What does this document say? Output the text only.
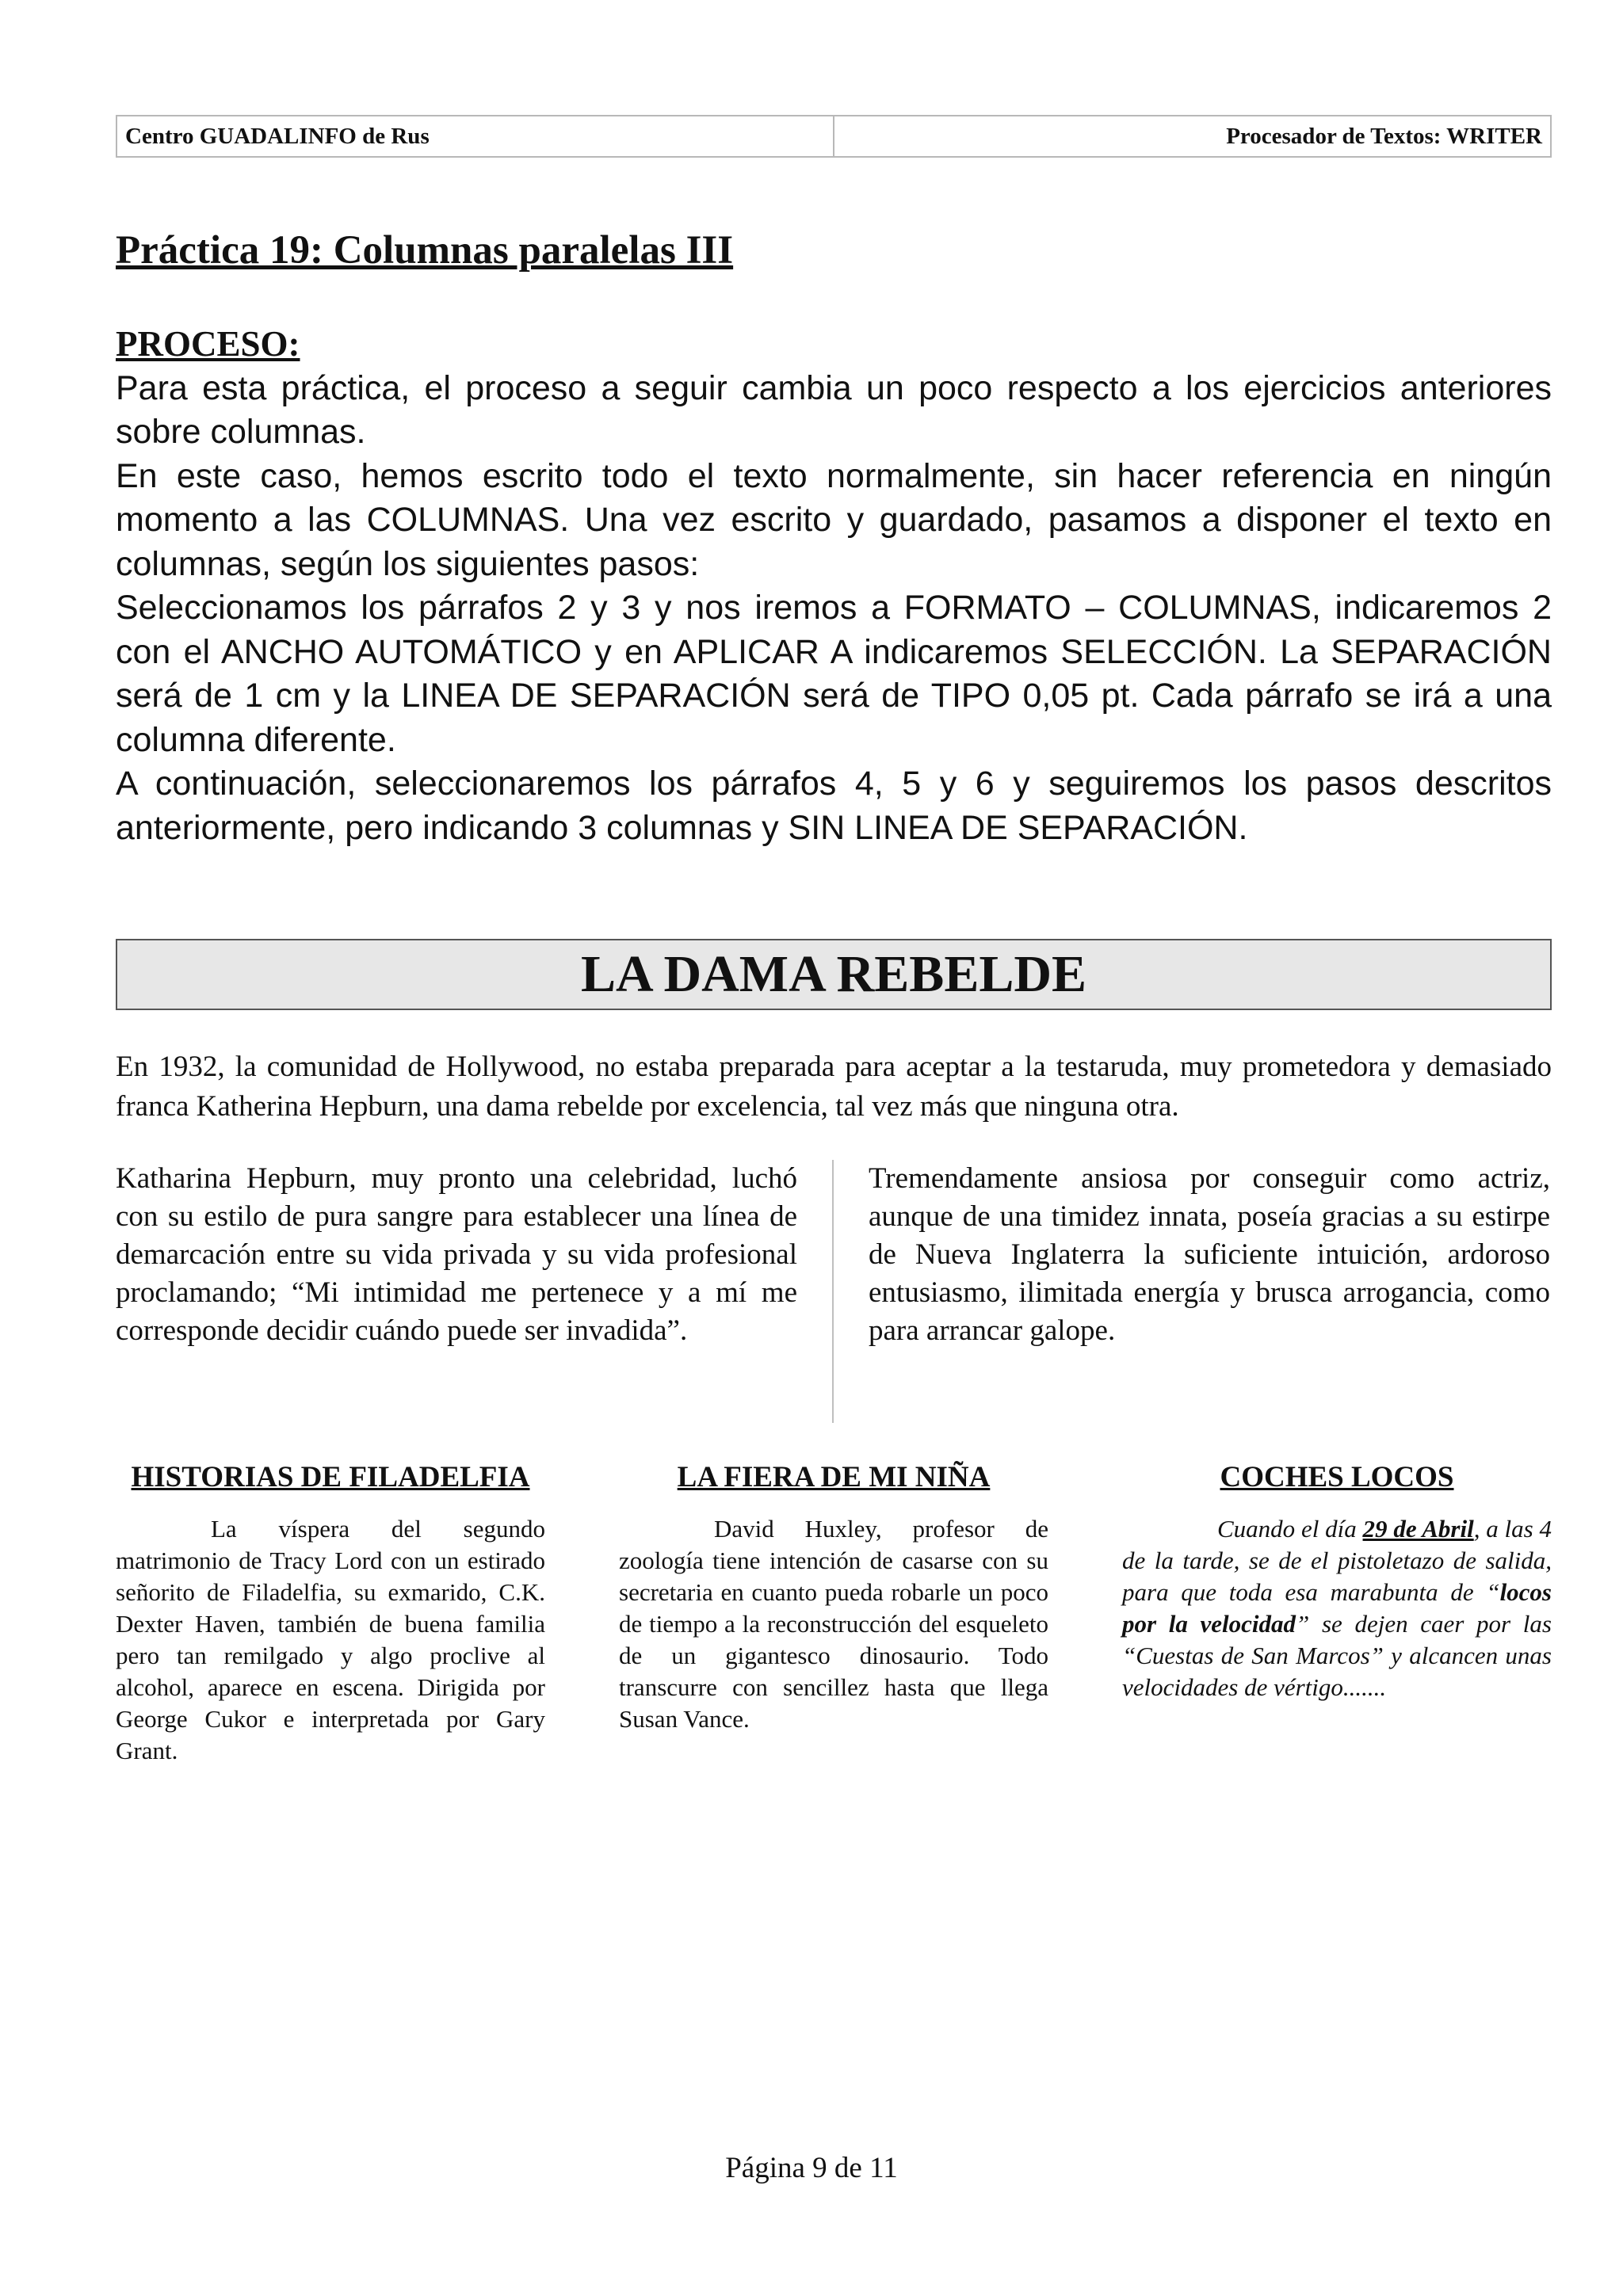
Centro GUADALINFO de Rus	Procesador de Textos: WRITER
Práctica 19: Columnas paralelas III
PROCESO:

Para esta práctica, el proceso a seguir cambia un poco respecto a los ejercicios anteriores sobre columnas.

En este caso, hemos escrito todo el texto normalmente, sin hacer referencia en ningún momento a las COLUMNAS. Una vez escrito y guardado, pasamos a disponer el texto en columnas, según los siguientes pasos:

Seleccionamos los párrafos 2 y 3 y nos iremos a FORMATO – COLUMNAS, indicaremos 2 con el ANCHO AUTOMÁTICO y en APLICAR A indicaremos SELECCIÓN. La SEPARACIÓN será de 1 cm y la LINEA DE SEPARACIÓN será de TIPO 0,05 pt. Cada párrafo se irá a una columna diferente.

A continuación, seleccionaremos los párrafos 4, 5 y 6 y seguiremos los pasos descritos anteriormente, pero indicando 3 columnas y SIN LINEA DE SEPARACIÓN.

LA DAMA REBELDE

En 1932, la comunidad de Hollywood, no estaba preparada para aceptar a la testaruda, muy prometedora y demasiado franca Katherina Hepburn, una dama rebelde por excelencia, tal vez más que ninguna otra.

Katharina Hepburn, muy pronto una celebridad, luchó con su estilo de pura sangre para establecer una línea de demarcación entre su vida privada y su vida profesional proclamando; “Mi intimidad me pertenece y a mí me corresponde decidir cuándo puede ser invadida”.

Tremendamente ansiosa por conseguir como actriz, aunque de una timidez innata, poseía gracias a su estirpe de Nueva Inglaterra la suficiente intuición, ardoroso entusiasmo, ilimitada energía y brusca arrogancia, como para arrancar galope.

HISTORIAS DE FILADELFIA

La víspera del segundo matrimonio de Tracy Lord con un estirado señorito de Filadelfia, su exmarido, C.K. Dexter Haven, también de buena familia pero tan remilgado y algo proclive al alcohol, aparece en escena. Dirigida por George Cukor e interpretada por Gary Grant.

LA FIERA DE MI NIÑA

David Huxley, profesor de zoología tiene intención de casarse con su secretaria en cuanto pueda robarle un poco de tiempo a la reconstrucción del esqueleto de un gigantesco dinosaurio. Todo transcurre con sencillez hasta que llega Susan Vance.

COCHES LOCOS

Cuando el día 29 de Abril, a las 4 de la tarde, se de el pistoletazo de salida, para que toda esa marabunta de “locos por la velocidad” se dejen caer por las “Cuestas de San Marcos” y alcancen unas velocidades de vértigo.......

Página 9 de 11
